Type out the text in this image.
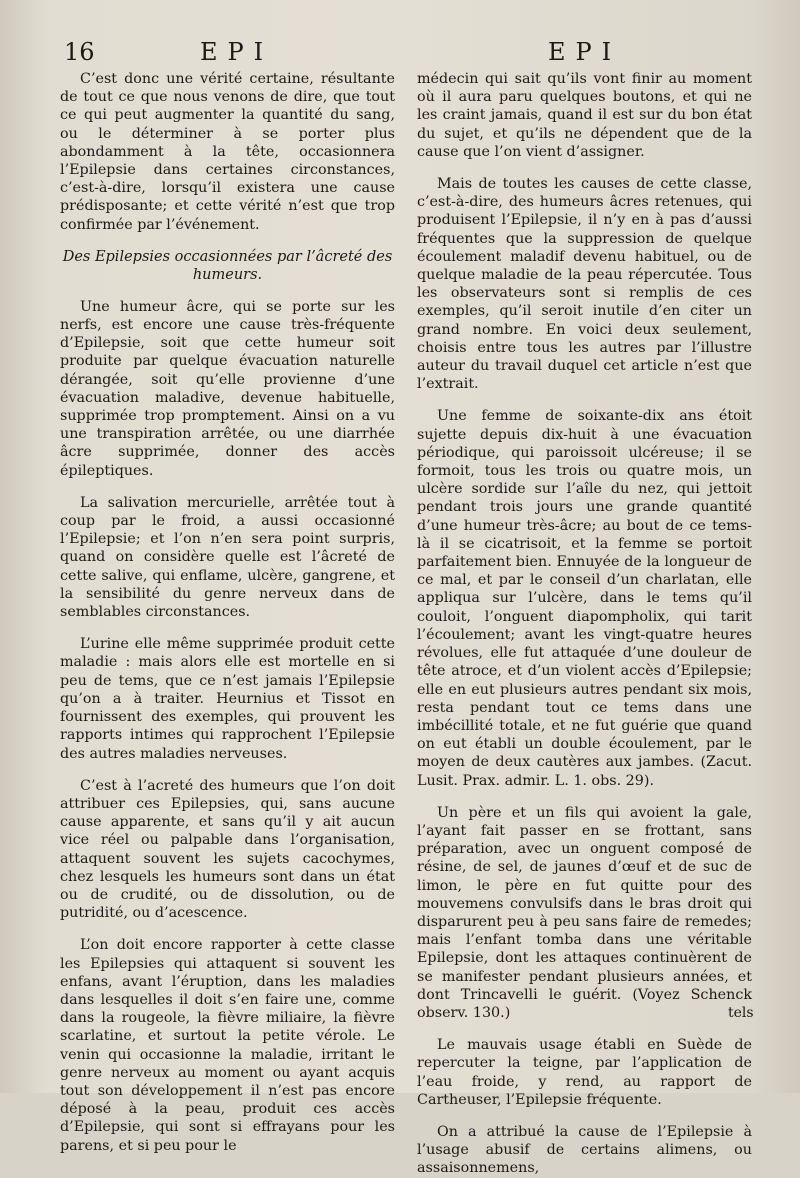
16	EPI	EPI

C’est donc une vérité certaine, résultante de tout ce que nous venons de dire, que tout ce qui peut augmenter la quantité du sang, ou le déterminer à se porter plus abondamment à la tête, occasionnera l’Epilepsie dans certaines circonstances, c’est-à-dire, lorsqu’il existera une cause prédisposante; et cette vérité n’est que trop confirmée par l’événement.

Des Epilepsies occasionnées par l’âcreté des humeurs.

Une humeur âcre, qui se porte sur les nerfs, est encore une cause très-fréquente d’Epilepsie, soit que cette humeur soit produite par quelque évacuation naturelle dérangée, soit qu’elle provienne d’une évacuation maladive, devenue habituelle, supprimée trop promptement. Ainsi on a vu une transpiration arrêtée, ou une diarrhée âcre supprimée, donner des accès épileptiques.

La salivation mercurielle, arrêtée tout à coup par le froid, a aussi occasionné l’Epilepsie; et l’on n’en sera point surpris, quand on considère quelle est l’âcreté de cette salive, qui enflame, ulcère, gangrene, et la sensibilité du genre nerveux dans de semblables circonstances.

L’urine elle même supprimée produit cette maladie : mais alors elle est mortelle en si peu de tems, que ce n’est jamais l’Epilepsie qu’on a à traiter. Heurnius et Tissot en fournissent des exemples, qui prouvent les rapports intimes qui rapprochent l’Epilepsie des autres maladies nerveuses.

C’est à l’acreté des humeurs que l’on doit attribuer ces Epilepsies, qui, sans aucune cause apparente, et sans qu’il y ait aucun vice réel ou palpable dans l’organisation, attaquent souvent les sujets cacochymes, chez lesquels les humeurs sont dans un état ou de crudité, ou de dissolution, ou de putridité, ou d’acescence.

L’on doit encore rapporter à cette classe les Epilepsies qui attaquent si souvent les enfans, avant l’éruption, dans les maladies dans lesquelles il doit s’en faire une, comme dans la rougeole, la fièvre miliaire, la fièvre scarlatine, et surtout la petite vérole. Le venin qui occasionne la maladie, irritant le genre nerveux au moment ou ayant acquis tout son développement il n’est pas encore déposé à la peau, produit ces accès d’Epilepsie, qui sont si effrayans pour les parens, et si peu pour le

médecin qui sait qu’ils vont finir au moment où il aura paru quelques boutons, et qui ne les craint jamais, quand il est sur du bon état du sujet, et qu’ils ne dépendent que de la cause que l’on vient d’assigner.

Mais de toutes les causes de cette classe, c’est-à-dire, des humeurs âcres retenues, qui produisent l’Epilepsie, il n’y en à pas d’aussi fréquentes que la suppression de quelque écoulement maladif devenu habituel, ou de quelque maladie de la peau répercutée. Tous les observateurs sont si remplis de ces exemples, qu’il seroit inutile d’en citer un grand nombre. En voici deux seulement, choisis entre tous les autres par l’illustre auteur du travail duquel cet article n’est que l’extrait.

Une femme de soixante-dix ans étoit sujette depuis dix-huit à une évacuation périodique, qui paroissoit ulcéreuse; il se formoit, tous les trois ou quatre mois, un ulcère sordide sur l’aîle du nez, qui jettoit pendant trois jours une grande quantité d’une humeur très-âcre; au bout de ce tems-là il se cicatrisoit, et la femme se portoit parfaitement bien. Ennuyée de la longueur de ce mal, et par le conseil d’un charlatan, elle appliqua sur l’ulcère, dans le tems qu’il couloit, l’onguent diapompholix, qui tarit l’écoulement; avant les vingt-quatre heures révolues, elle fut attaquée d’une douleur de tête atroce, et d’un violent accès d’Epilepsie; elle en eut plusieurs autres pendant six mois, resta pendant tout ce tems dans une imbécillité totale, et ne fut guérie que quand on eut établi un double écoulement, par le moyen de deux cautères aux jambes. (Zacut. Lusit. Prax. admir. L. 1. obs. 29).

Un père et un fils qui avoient la gale, l’ayant fait passer en se frottant, sans préparation, avec un onguent composé de résine, de sel, de jaunes d’œuf et de suc de limon, le père en fut quitte pour des mouvemens convulsifs dans le bras droit qui disparurent peu à peu sans faire de remedes; mais l’enfant tomba dans une véritable Epilepsie, dont les attaques continuèrent de se manifester pendant plusieurs années, et dont Trincavelli le guérit. (Voyez Schenck observ. 130.)

Le mauvais usage établi en Suède de repercuter la teigne, par l’application de l’eau froide, y rend, au rapport de Cartheuser, l’Epilepsie fréquente.

On a attribué la cause de l’Epilepsie à l’usage abusif de certains alimens, ou assaisonnemens,

tels
